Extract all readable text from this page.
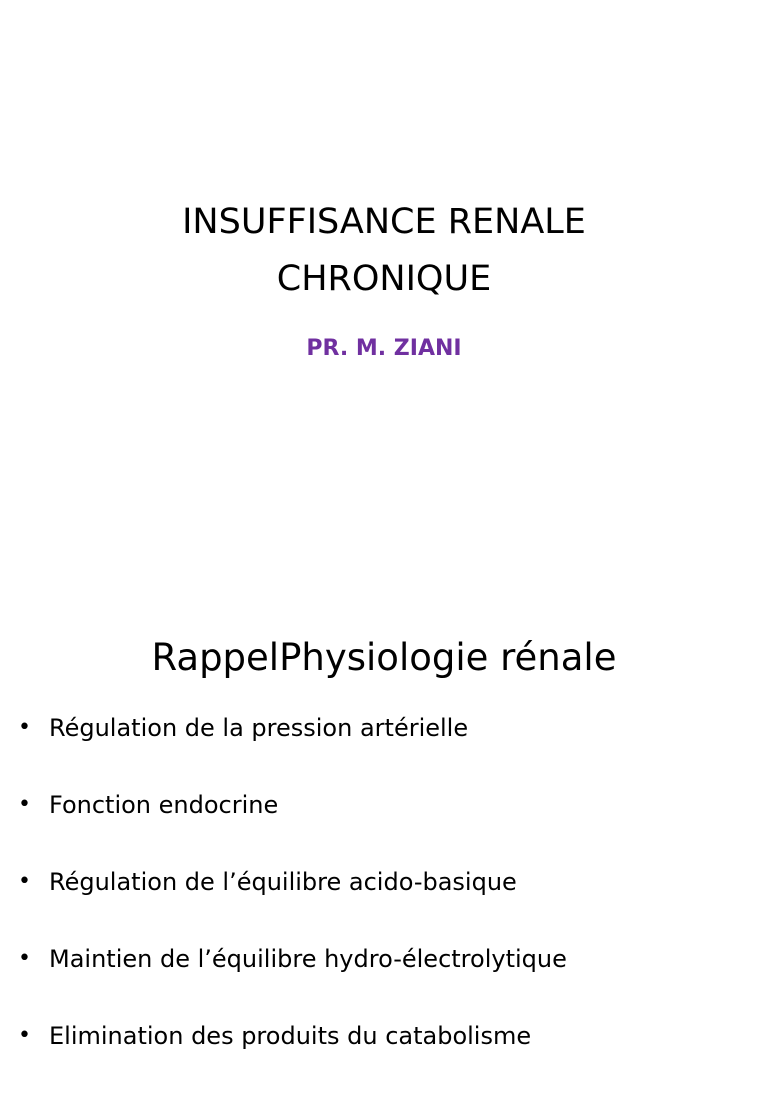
INSUFFISANCE RENALE
CHRONIQUE

PR. M. ZIANI

RappelPhysiologie rénale
• Régulation de la pression artérielle
• Fonction endocrine
• Régulation de l’équilibre acido-basique
• Maintien de l’équilibre hydro-électrolytique
• Elimination des produits du catabolisme
